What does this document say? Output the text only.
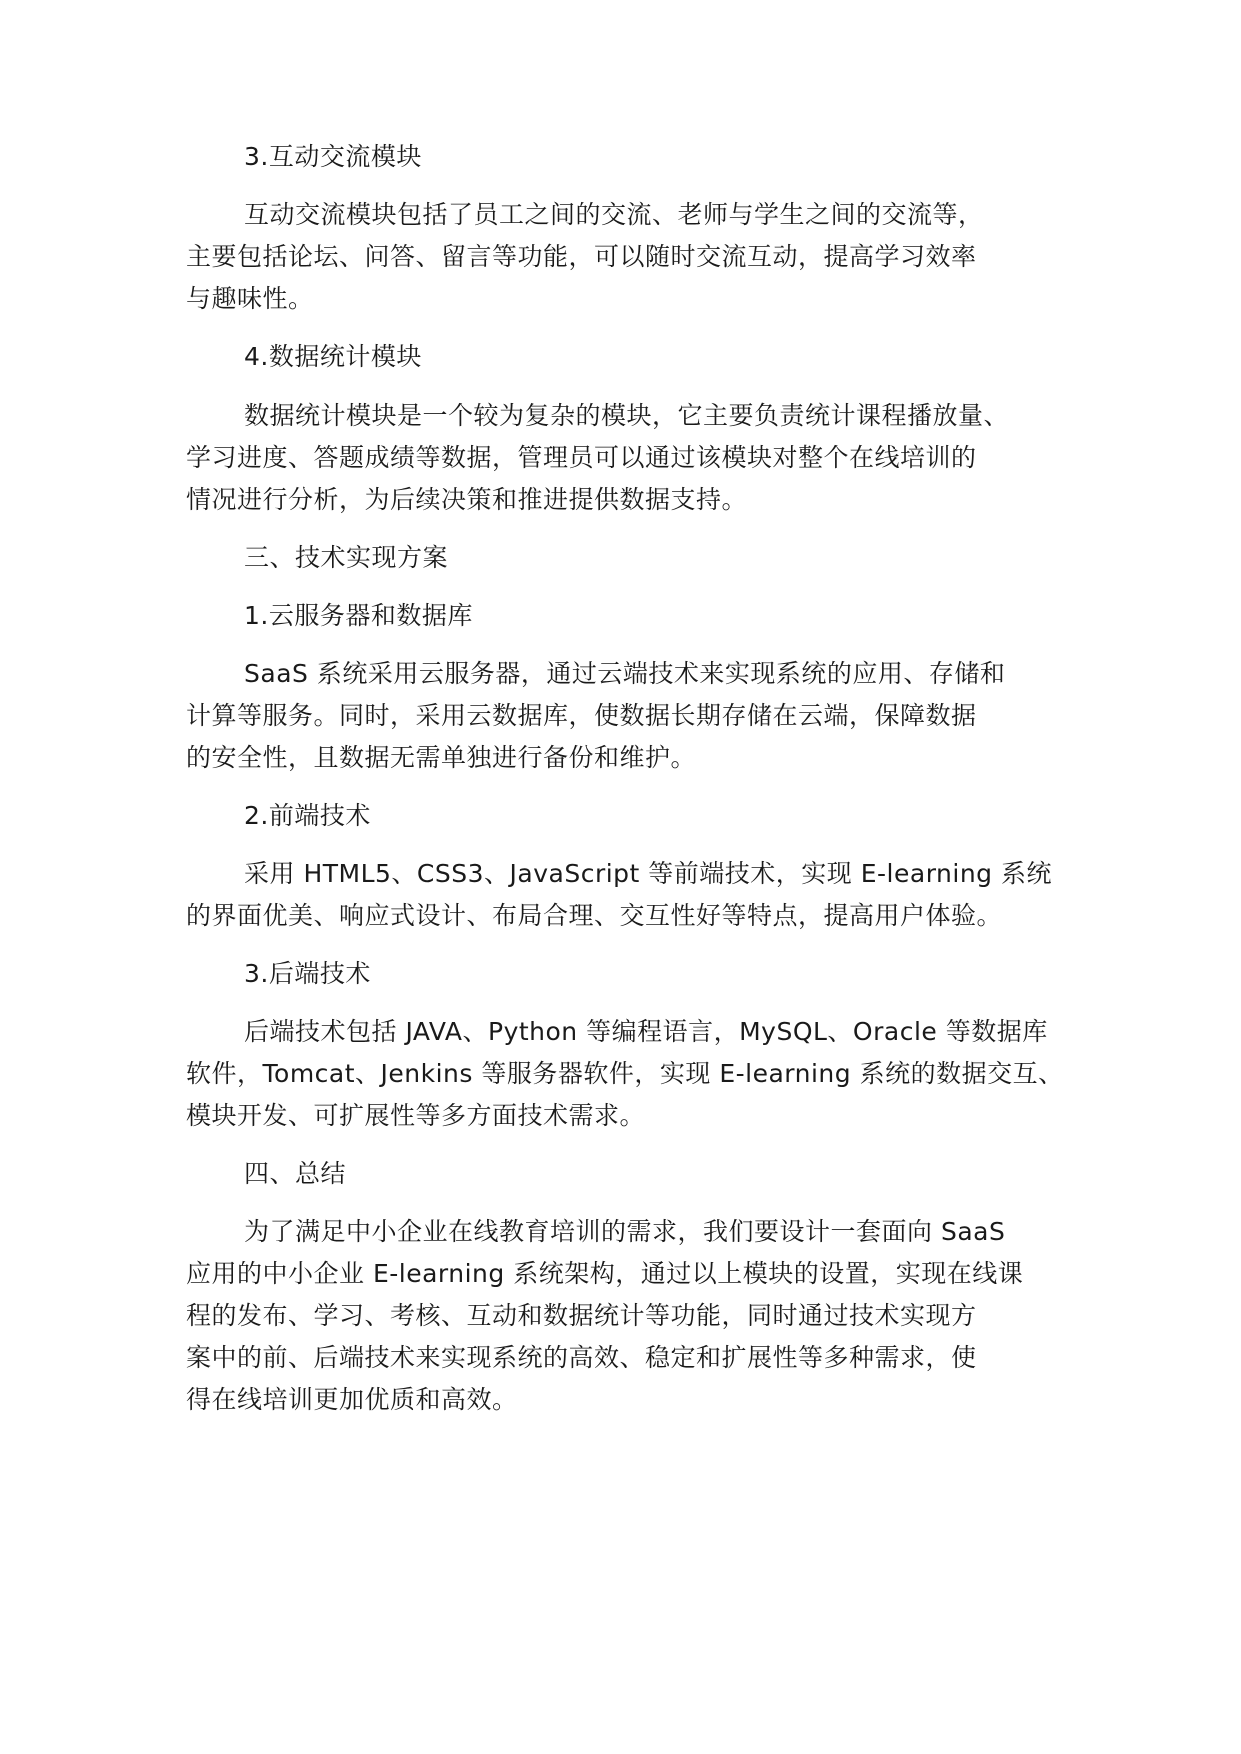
3.互动交流模块
互动交流模块包括了员工之间的交流、老师与学生之间的交流等，
主要包括论坛、问答、留言等功能，可以随时交流互动，提高学习效率
与趣味性。
4.数据统计模块
数据统计模块是一个较为复杂的模块，它主要负责统计课程播放量、
学习进度、答题成绩等数据，管理员可以通过该模块对整个在线培训的
情况进行分析，为后续决策和推进提供数据支持。
三、技术实现方案
1.云服务器和数据库
SaaS 系统采用云服务器，通过云端技术来实现系统的应用、存储和
计算等服务。同时，采用云数据库，使数据长期存储在云端，保障数据
的安全性，且数据无需单独进行备份和维护。
2.前端技术
采用 HTML5、CSS3、JavaScript 等前端技术，实现 E-learning 系统
的界面优美、响应式设计、布局合理、交互性好等特点，提高用户体验。
3.后端技术
后端技术包括 JAVA、Python 等编程语言，MySQL、Oracle 等数据库
软件，Tomcat、Jenkins 等服务器软件，实现 E-learning 系统的数据交互、
模块开发、可扩展性等多方面技术需求。
四、总结
为了满足中小企业在线教育培训的需求，我们要设计一套面向 SaaS
应用的中小企业 E-learning 系统架构，通过以上模块的设置，实现在线课
程的发布、学习、考核、互动和数据统计等功能，同时通过技术实现方
案中的前、后端技术来实现系统的高效、稳定和扩展性等多种需求，使
得在线培训更加优质和高效。
